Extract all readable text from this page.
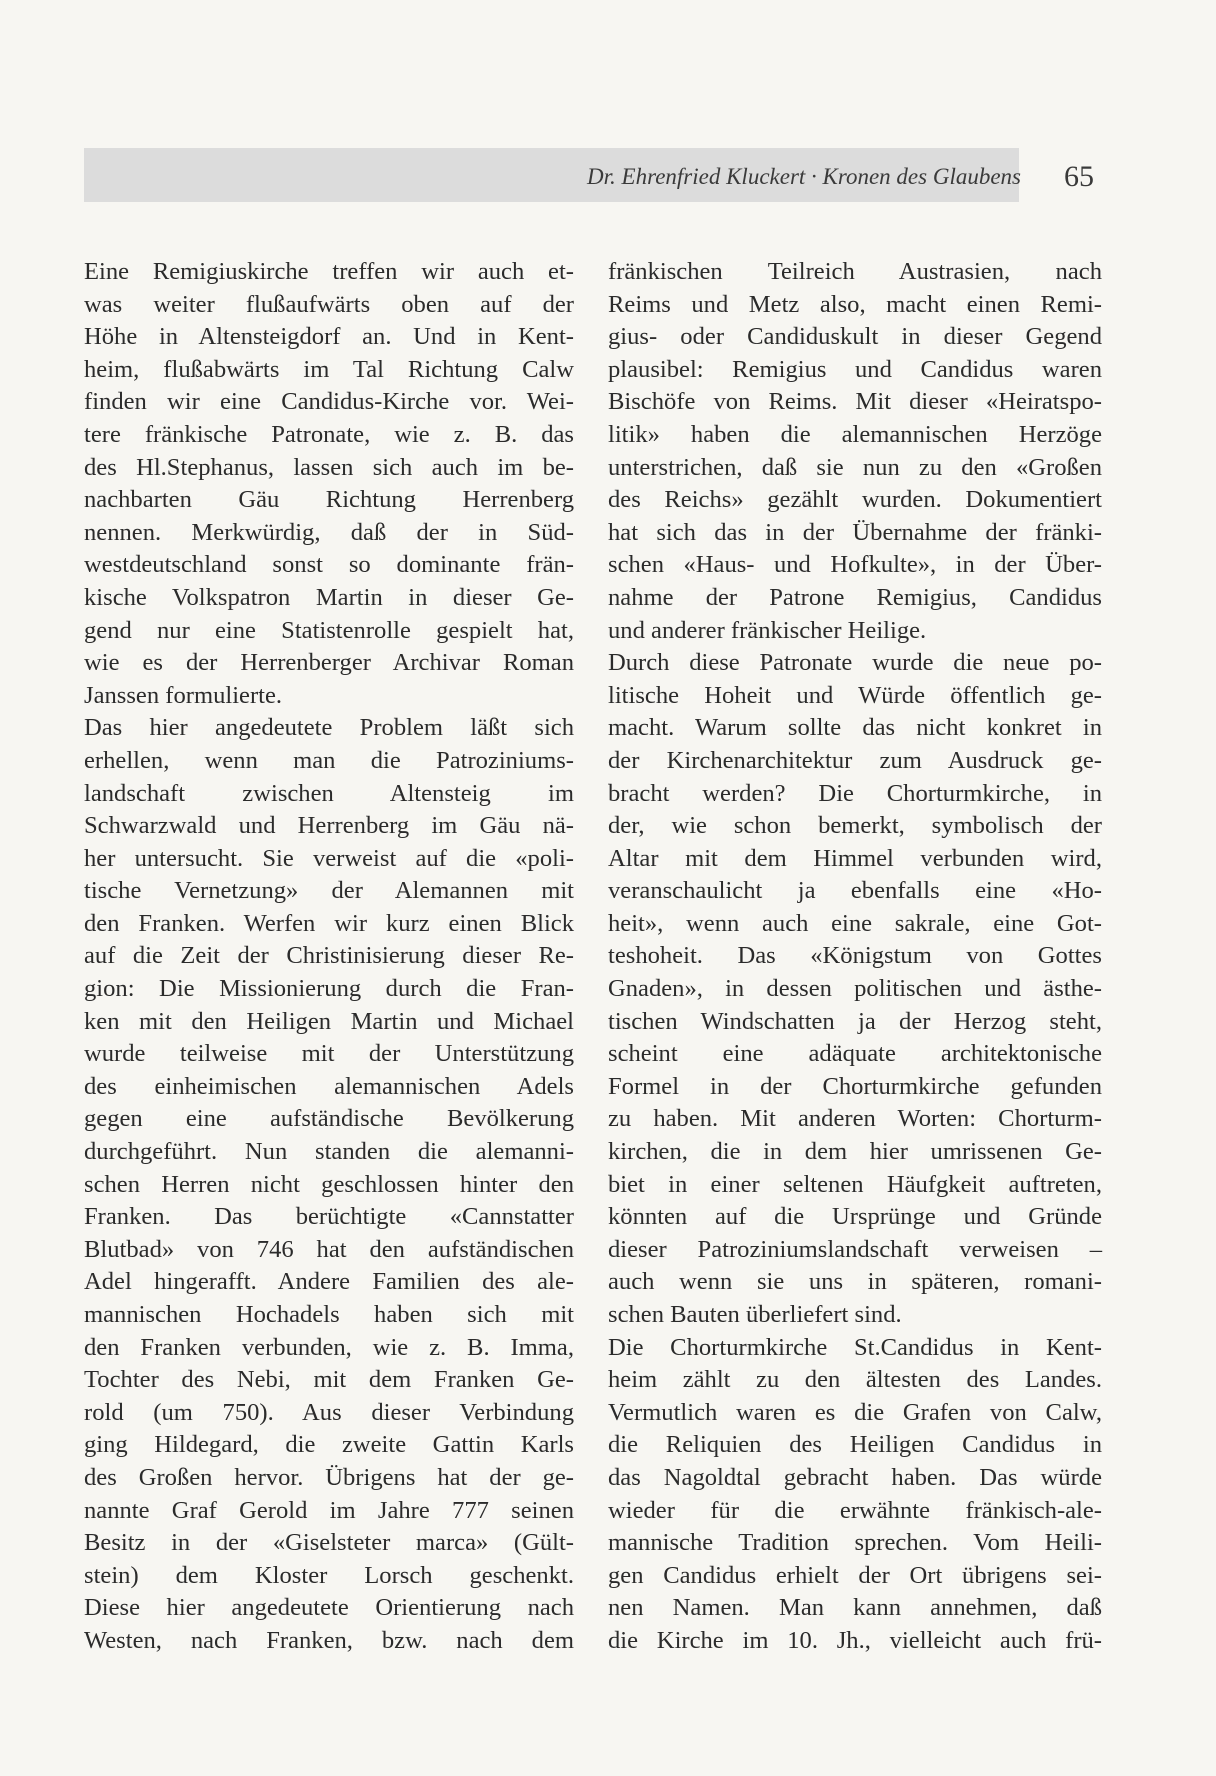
Dr. Ehrenfried Kluckert · Kronen des Glaubens 65
Eine Remigiuskirche treffen wir auch et-
was weiter flußaufwärts oben auf der
Höhe in Altensteigdorf an. Und in Kent-
heim, flußabwärts im Tal Richtung Calw
finden wir eine Candidus-Kirche vor. Wei-
tere fränkische Patronate, wie z. B. das
des Hl.Stephanus, lassen sich auch im be-
nachbarten Gäu Richtung Herrenberg
nennen. Merkwürdig, daß der in Süd-
westdeutschland sonst so dominante frän-
kische Volkspatron Martin in dieser Ge-
gend nur eine Statistenrolle gespielt hat,
wie es der Herrenberger Archivar Roman
Janssen formulierte.
Das hier angedeutete Problem läßt sich
erhellen, wenn man die Patroziniums-
landschaft zwischen Altensteig im
Schwarzwald und Herrenberg im Gäu nä-
her untersucht. Sie verweist auf die «poli-
tische Vernetzung» der Alemannen mit
den Franken. Werfen wir kurz einen Blick
auf die Zeit der Christinisierung dieser Re-
gion: Die Missionierung durch die Fran-
ken mit den Heiligen Martin und Michael
wurde teilweise mit der Unterstützung
des einheimischen alemannischen Adels
gegen eine aufständische Bevölkerung
durchgeführt. Nun standen die alemanni-
schen Herren nicht geschlossen hinter den
Franken. Das berüchtigte «Cannstatter
Blutbad» von 746 hat den aufständischen
Adel hingerafft. Andere Familien des ale-
mannischen Hochadels haben sich mit
den Franken verbunden, wie z. B. Imma,
Tochter des Nebi, mit dem Franken Ge-
rold (um 750). Aus dieser Verbindung
ging Hildegard, die zweite Gattin Karls
des Großen hervor. Übrigens hat der ge-
nannte Graf Gerold im Jahre 777 seinen
Besitz in der «Giselsteter marca» (Gült-
stein) dem Kloster Lorsch geschenkt.
Diese hier angedeutete Orientierung nach
Westen, nach Franken, bzw. nach dem
fränkischen Teilreich Austrasien, nach
Reims und Metz also, macht einen Remi-
gius- oder Candiduskult in dieser Gegend
plausibel: Remigius und Candidus waren
Bischöfe von Reims. Mit dieser «Heiratspo-
litik» haben die alemannischen Herzöge
unterstrichen, daß sie nun zu den «Großen
des Reichs» gezählt wurden. Dokumentiert
hat sich das in der Übernahme der fränki-
schen «Haus- und Hofkulte», in der Über-
nahme der Patrone Remigius, Candidus
und anderer fränkischer Heilige.
Durch diese Patronate wurde die neue po-
litische Hoheit und Würde öffentlich ge-
macht. Warum sollte das nicht konkret in
der Kirchenarchitektur zum Ausdruck ge-
bracht werden? Die Chorturmkirche, in
der, wie schon bemerkt, symbolisch der
Altar mit dem Himmel verbunden wird,
veranschaulicht ja ebenfalls eine «Ho-
heit», wenn auch eine sakrale, eine Got-
teshoheit. Das «Königstum von Gottes
Gnaden», in dessen politischen und ästhe-
tischen Windschatten ja der Herzog steht,
scheint eine adäquate architektonische
Formel in der Chorturmkirche gefunden
zu haben. Mit anderen Worten: Chorturm-
kirchen, die in dem hier umrissenen Ge-
biet in einer seltenen Häufgkeit auftreten,
könnten auf die Ursprünge und Gründe
dieser Patroziniumslandschaft verweisen –
auch wenn sie uns in späteren, romani-
schen Bauten überliefert sind.
Die Chorturmkirche St.Candidus in Kent-
heim zählt zu den ältesten des Landes.
Vermutlich waren es die Grafen von Calw,
die Reliquien des Heiligen Candidus in
das Nagoldtal gebracht haben. Das würde
wieder für die erwähnte fränkisch-ale-
mannische Tradition sprechen. Vom Heili-
gen Candidus erhielt der Ort übrigens sei-
nen Namen. Man kann annehmen, daß
die Kirche im 10. Jh., vielleicht auch frü-
